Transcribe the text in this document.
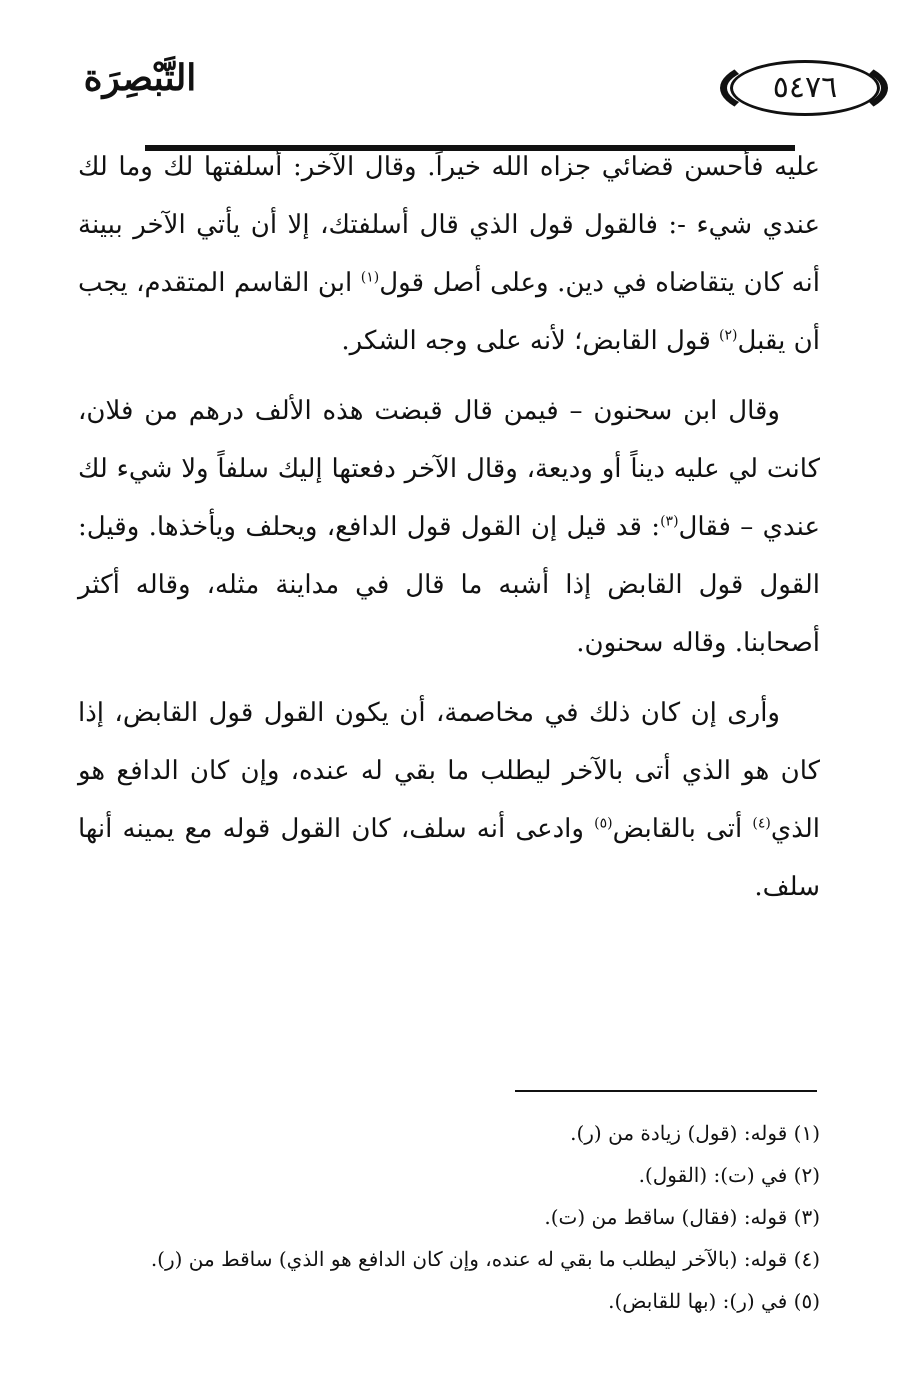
٥٤٧٦
التَّبْصِرَة

عليه فأحسن قضائي جزاه الله خيراً. وقال الآخر: أسلفتها لك وما لك عندي شيء -: فالقول قول الذي قال أسلفتك، إلا أن يأتي الآخر ببينة أنه كان يتقاضاه في دين. وعلى أصل قول$^{(١)}$ ابن القاسم المتقدم، يجب أن يقبل$^{(٢)}$ قول القابض؛ لأنه على وجه الشكر.

وقال ابن سحنون – فيمن قال قبضت هذه الألف درهم من فلان، كانت لي عليه ديناً أو وديعة، وقال الآخر دفعتها إليك سلفاً ولا شيء لك عندي – فقال$^{(٣)}$: قد قيل إن القول قول الدافع، ويحلف ويأخذها. وقيل: القول قول القابض إذا أشبه ما قال في مداينة مثله، وقاله أكثر أصحابنا. وقاله سحنون.

وأرى إن كان ذلك في مخاصمة، أن يكون القول قول القابض، إذا كان هو الذي أتى بالآخر ليطلب ما بقي له عنده، وإن كان الدافع هو الذي$^{(٤)}$ أتى بالقابض$^{(٥)}$ وادعى أنه سلف، كان القول قوله مع يمينه أنها سلف.

(١) قوله: (قول) زيادة من (ر).
(٢) في (ت): (القول).
(٣) قوله: (فقال) ساقط من (ت).
(٤) قوله: (بالآخر ليطلب ما بقي له عنده، وإن كان الدافع هو الذي) ساقط من (ر).
(٥) في (ر): (بها للقابض).
